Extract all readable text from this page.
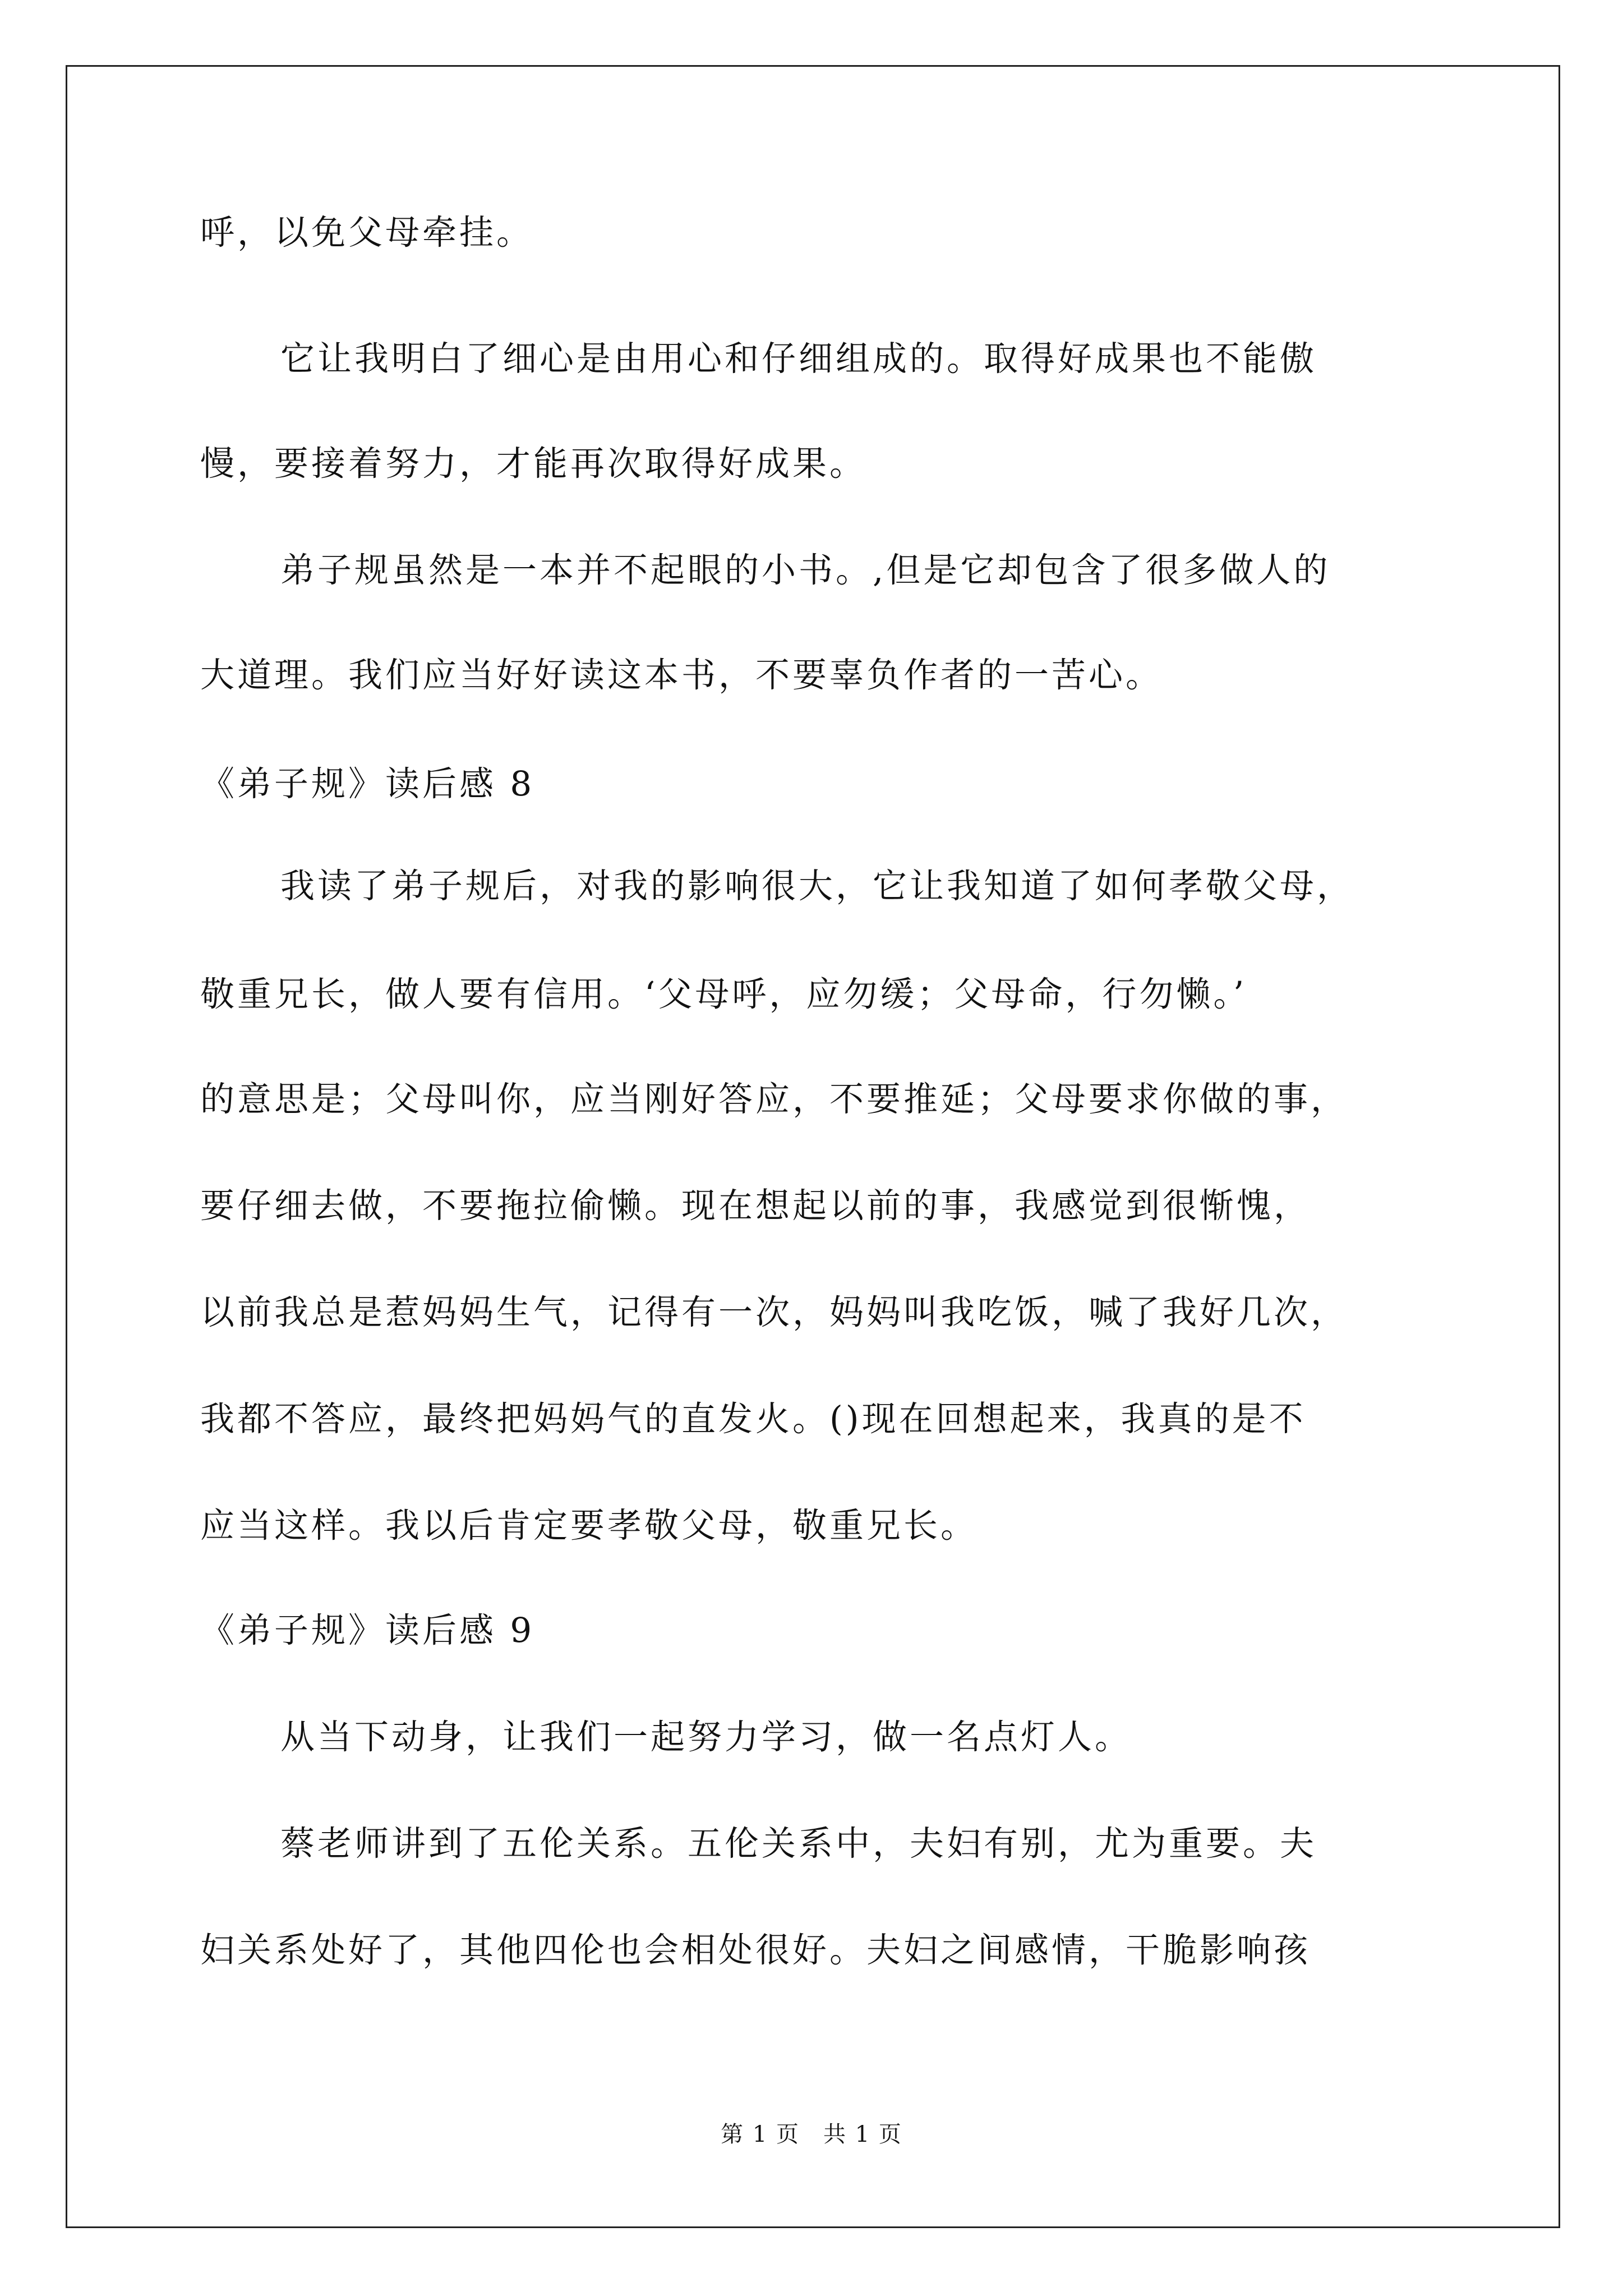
呼，以免父母牵挂。
它让我明白了细心是由用心和仔细组成的。取得好成果也不能傲
慢，要接着努力，才能再次取得好成果。
弟子规虽然是一本并不起眼的小书。,但是它却包含了很多做人的
大道理。我们应当好好读这本书，不要辜负作者的一苦心。
《弟子规》读后感 8
我读了弟子规后，对我的影响很大，它让我知道了如何孝敬父母，
敬重兄长，做人要有信用。‘父母呼，应勿缓；父母命，行勿懒。’
的意思是；父母叫你，应当刚好答应，不要推延；父母要求你做的事，
要仔细去做，不要拖拉偷懒。现在想起以前的事，我感觉到很惭愧，
以前我总是惹妈妈生气，记得有一次，妈妈叫我吃饭，喊了我好几次，
我都不答应，最终把妈妈气的直发火。()现在回想起来，我真的是不
应当这样。我以后肯定要孝敬父母，敬重兄长。
《弟子规》读后感 9
从当下动身，让我们一起努力学习，做一名点灯人。
蔡老师讲到了五伦关系。五伦关系中，夫妇有别，尤为重要。夫
妇关系处好了，其他四伦也会相处很好。夫妇之间感情，干脆影响孩
第 1 页　共 1 页
